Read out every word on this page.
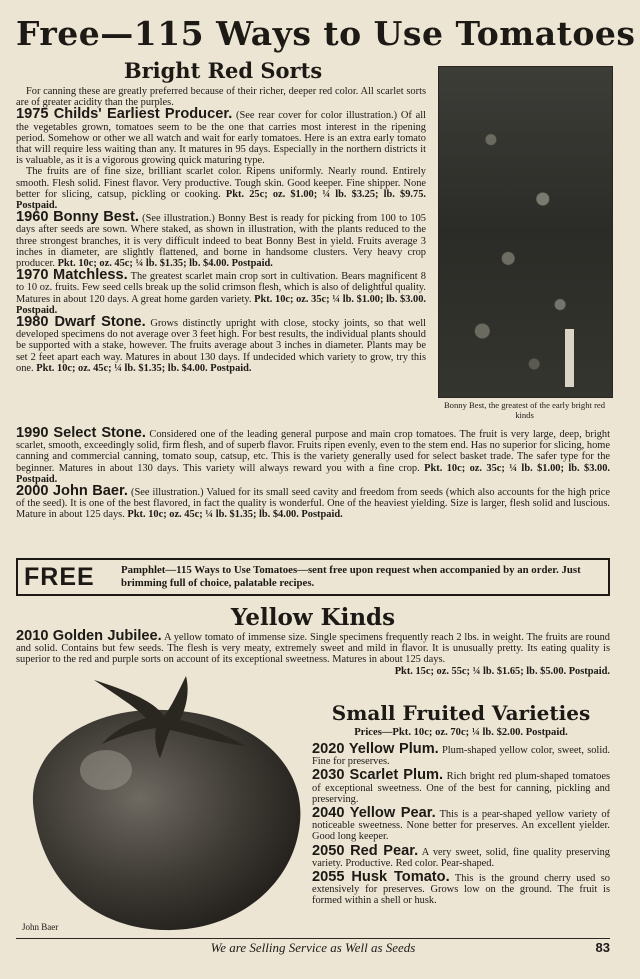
Free—115 Ways to Use Tomatoes
Bright Red Sorts

For canning these are greatly preferred because of their richer, deeper red color. All scarlet sorts are of greater acidity than the purples.

1975 Childs' Earliest Producer. (See rear cover for color illustration.) Of all the vegetables grown, tomatoes seem to be the one that carries most interest in the ripening period. Somehow or other we all watch and wait for early tomatoes. Here is an extra early tomato that will require less waiting than any. It matures in 95 days. Especially in the northern districts it is valuable, as it is a vigorous growing quick maturing type.

The fruits are of fine size, brilliant scarlet color. Ripens uniformly. Nearly round. Entirely smooth. Flesh solid. Finest flavor. Very productive. Tough skin. Good keeper. Fine shipper. None better for slicing, catsup, pickling or cooking. Pkt. 25c; oz. $1.00; ¼ lb. $3.25; lb. $9.75. Postpaid.

1960 Bonny Best. (See illustration.) Bonny Best is ready for picking from 100 to 105 days after seeds are sown. Where staked, as shown in illustration, with the plants reduced to the three strongest branches, it is very difficult indeed to beat Bonny Best in yield. Fruits average 3 inches in diameter, are slightly flattened, and borne in handsome clusters. Very heavy crop producer. Pkt. 10c; oz. 45c; ¼ lb. $1.35; lb. $4.00. Postpaid.

1970 Matchless. The greatest scarlet main crop sort in cultivation. Bears magnificent 8 to 10 oz. fruits. Few seed cells break up the solid crimson flesh, which is also of delightful quality. Matures in about 120 days. A great home garden variety. Pkt. 10c; oz. 35c; ¼ lb. $1.00; lb. $3.00. Postpaid.

1980 Dwarf Stone. Grows distinctly upright with close, stocky joints, so that well developed specimens do not average over 3 feet high. For best results, the individual plants should be supported with a stake, however. The fruits average about 3 inches in diameter. Plants may be set 2 feet apart each way. Matures in about 130 days. If undecided which variety to grow, try this one. Pkt. 10c; oz. 45c; ¼ lb. $1.35; lb. $4.00. Postpaid.

Bonny Best, the greatest of the early bright red kinds

1990 Select Stone. Considered one of the leading general purpose and main crop tomatoes. The fruit is very large, deep, bright scarlet, smooth, exceedingly solid, firm flesh, and of superb flavor. Fruits ripen evenly, even to the stem end. Has no superior for slicing, home canning and commercial canning, tomato soup, catsup, etc. This is the variety generally used for select basket trade. The safer type for the beginner. Matures in about 130 days. This variety will always reward you with a fine crop. Pkt. 10c; oz. 35c; ¼ lb. $1.00; lb. $3.00. Postpaid.

2000 John Baer. (See illustration.) Valued for its small seed cavity and freedom from seeds (which also accounts for the high price of the seed). It is one of the best flavored, in fact the quality is wonderful. One of the heaviest yielding. Size is larger, flesh solid and luscious. Mature in about 125 days. Pkt. 10c; oz. 45c; ¼ lb. $1.35; lb. $4.00. Postpaid.

FREE Pamphlet—115 Ways to Use Tomatoes—sent free upon request when accompanied by an order. Just brimming full of choice, palatable recipes.
Yellow Kinds

2010 Golden Jubilee. A yellow tomato of immense size. Single specimens frequently reach 2 lbs. in weight. The fruits are round and solid. Contains but few seeds. The flesh is very meaty, extremely sweet and mild in flavor. It is unusually pretty. Its eating quality is superior to the red and purple sorts on account of its exceptional sweetness. Matures in about 125 days.

Pkt. 15c; oz. 55c; ¼ lb. $1.65; lb. $5.00. Postpaid.

John Baer
Small Fruited Varieties
Prices—Pkt. 10c; oz. 70c; ¼ lb. $2.00. Postpaid.

2020 Yellow Plum. Plum-shaped yellow color, sweet, solid. Fine for preserves.

2030 Scarlet Plum. Rich bright red plum-shaped tomatoes of exceptional sweetness. One of the best for canning, pickling and preserving.

2040 Yellow Pear. This is a pear-shaped yellow variety of noticeable sweetness. None better for preserves. An excellent yielder. Good long keeper.

2050 Red Pear. A very sweet, solid, fine quality preserving variety. Productive. Red color. Pear-shaped.

2055 Husk Tomato. This is the ground cherry used so extensively for preserves. Grows low on the ground. The fruit is formed within a shell or husk.

We are Selling Service as Well as Seeds	83
